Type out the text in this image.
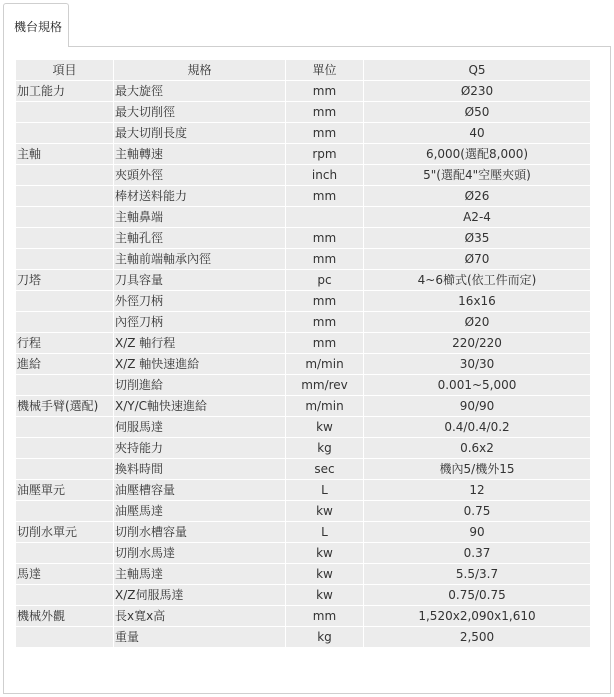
機台規格
項目	規格	單位	Q5
加工能力	最大旋徑	mm	Ø230
	最大切削徑	mm	Ø50
	最大切削長度	mm	40
主軸	主軸轉速	rpm	6,000(選配8,000)
	夾頭外徑	inch	5"(選配4"空壓夾頭)
	棒材送料能力	mm	Ø26
	主軸鼻端		A2-4
	主軸孔徑	mm	Ø35
	主軸前端軸承內徑	mm	Ø70
刀塔	刀具容量	pc	4~6櫛式(依工件而定)
	外徑刀柄	mm	16x16
	內徑刀柄	mm	Ø20
行程	X/Z 軸行程	mm	220/220
進給	X/Z 軸快速進給	m/min	30/30
	切削進給	mm/rev	0.001~5,000
機械手臂(選配)	X/Y/C軸快速進給	m/min	90/90
	伺服馬達	kw	0.4/0.4/0.2
	夾持能力	kg	0.6x2
	換料時間	sec	機內5/機外15
油壓單元	油壓槽容量	L	12
	油壓馬達	kw	0.75
切削水單元	切削水槽容量	L	90
	切削水馬達	kw	0.37
馬達	主軸馬達	kw	5.5/3.7
	X/Z伺服馬達	kw	0.75/0.75
機械外觀	長x寬x高	mm	1,520x2,090x1,610
	重量	kg	2,500
